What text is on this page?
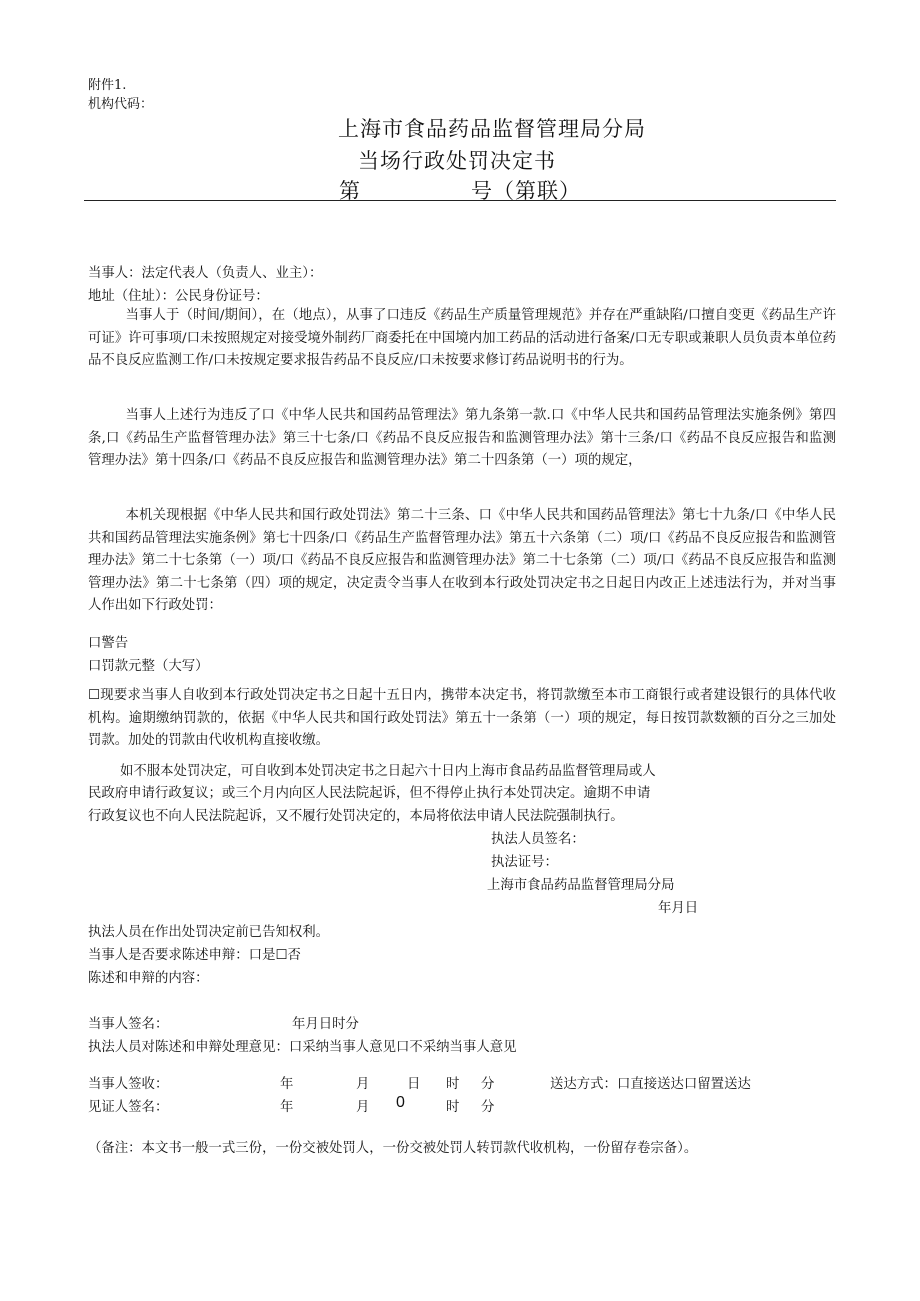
附件1.
机构代码：
上海市食品药品监督管理局分局
当场行政处罚决定书
第　　　　　号（第联）
当事人：法定代表人（负责人、业主）：
地址（住址）：公民身份证号：
当事人于（时间/期间），在（地点），从事了口违反《药品生产质量管理规范》并存在严重缺陷/口擅自变更《药品生产许可证》许可事项/口未按照规定对接受境外制药厂商委托在中国境内加工药品的活动进行备案/口无专职或兼职人员负责本单位药品不良反应监测工作/口未按规定要求报告药品不良反应/口未按要求修订药品说明书的行为。
当事人上述行为违反了口《中华人民共和国药品管理法》第九条第一款.口《中华人民共和国药品管理法实施条例》第四条,口《药品生产监督管理办法》第三十七条/口《药品不良反应报告和监测管理办法》第十三条/口《药品不良反应报告和监测管理办法》第十四条/口《药品不良反应报告和监测管理办法》第二十四条第（一）项的规定，
本机关现根据《中华人民共和国行政处罚法》第二十三条、口《中华人民共和国药品管理法》第七十九条/口《中华人民共和国药品管理法实施条例》第七十四条/口《药品生产监督管理办法》第五十六条第（二）项/口《药品不良反应报告和监测管理办法》第二十七条第（一）项/口《药品不良反应报告和监测管理办法》第二十七条第（二）项/口《药品不良反应报告和监测管理办法》第二十七条第（四）项的规定，决定责令当事人在收到本行政处罚决定书之日起日内改正上述违法行为，并对当事人作出如下行政处罚：
口警告
口罚款元整（大写）
☐现要求当事人自收到本行政处罚决定书之日起十五日内，携带本决定书，将罚款缴至本市工商银行或者建设银行的具体代收机构。逾期缴纳罚款的，依据《中华人民共和国行政处罚法》第五十一条第（一）项的规定，每日按罚款数额的百分之三加处罚款。加处的罚款由代收机构直接收缴。
如不服本处罚决定，可自收到本处罚决定书之日起六十日内上海市食品药品监督管理局或人
民政府申请行政复议；或三个月内向区人民法院起诉，但不得停止执行本处罚决定。逾期不申请
行政复议也不向人民法院起诉，又不履行处罚决定的，本局将依法申请人民法院强制执行。
执法人员签名：
执法证号：
上海市食品药品监督管理局分局
年月日
执法人员在作出处罚决定前已告知权利。
当事人是否要求陈述申辩：口是☐否
陈述和申辩的内容：
当事人签名：	年月日时分
执法人员对陈述和申辩处理意见：口采纳当事人意见口不采纳当事人意见
当事人签收：	年	月	日 时 分	送达方式：口直接送达口留置送达
见证人签名：	年	月 0	时 分
（备注：本文书一般一式三份，一份交被处罚人，一份交被处罚人转罚款代收机构，一份留存卷宗备）。
